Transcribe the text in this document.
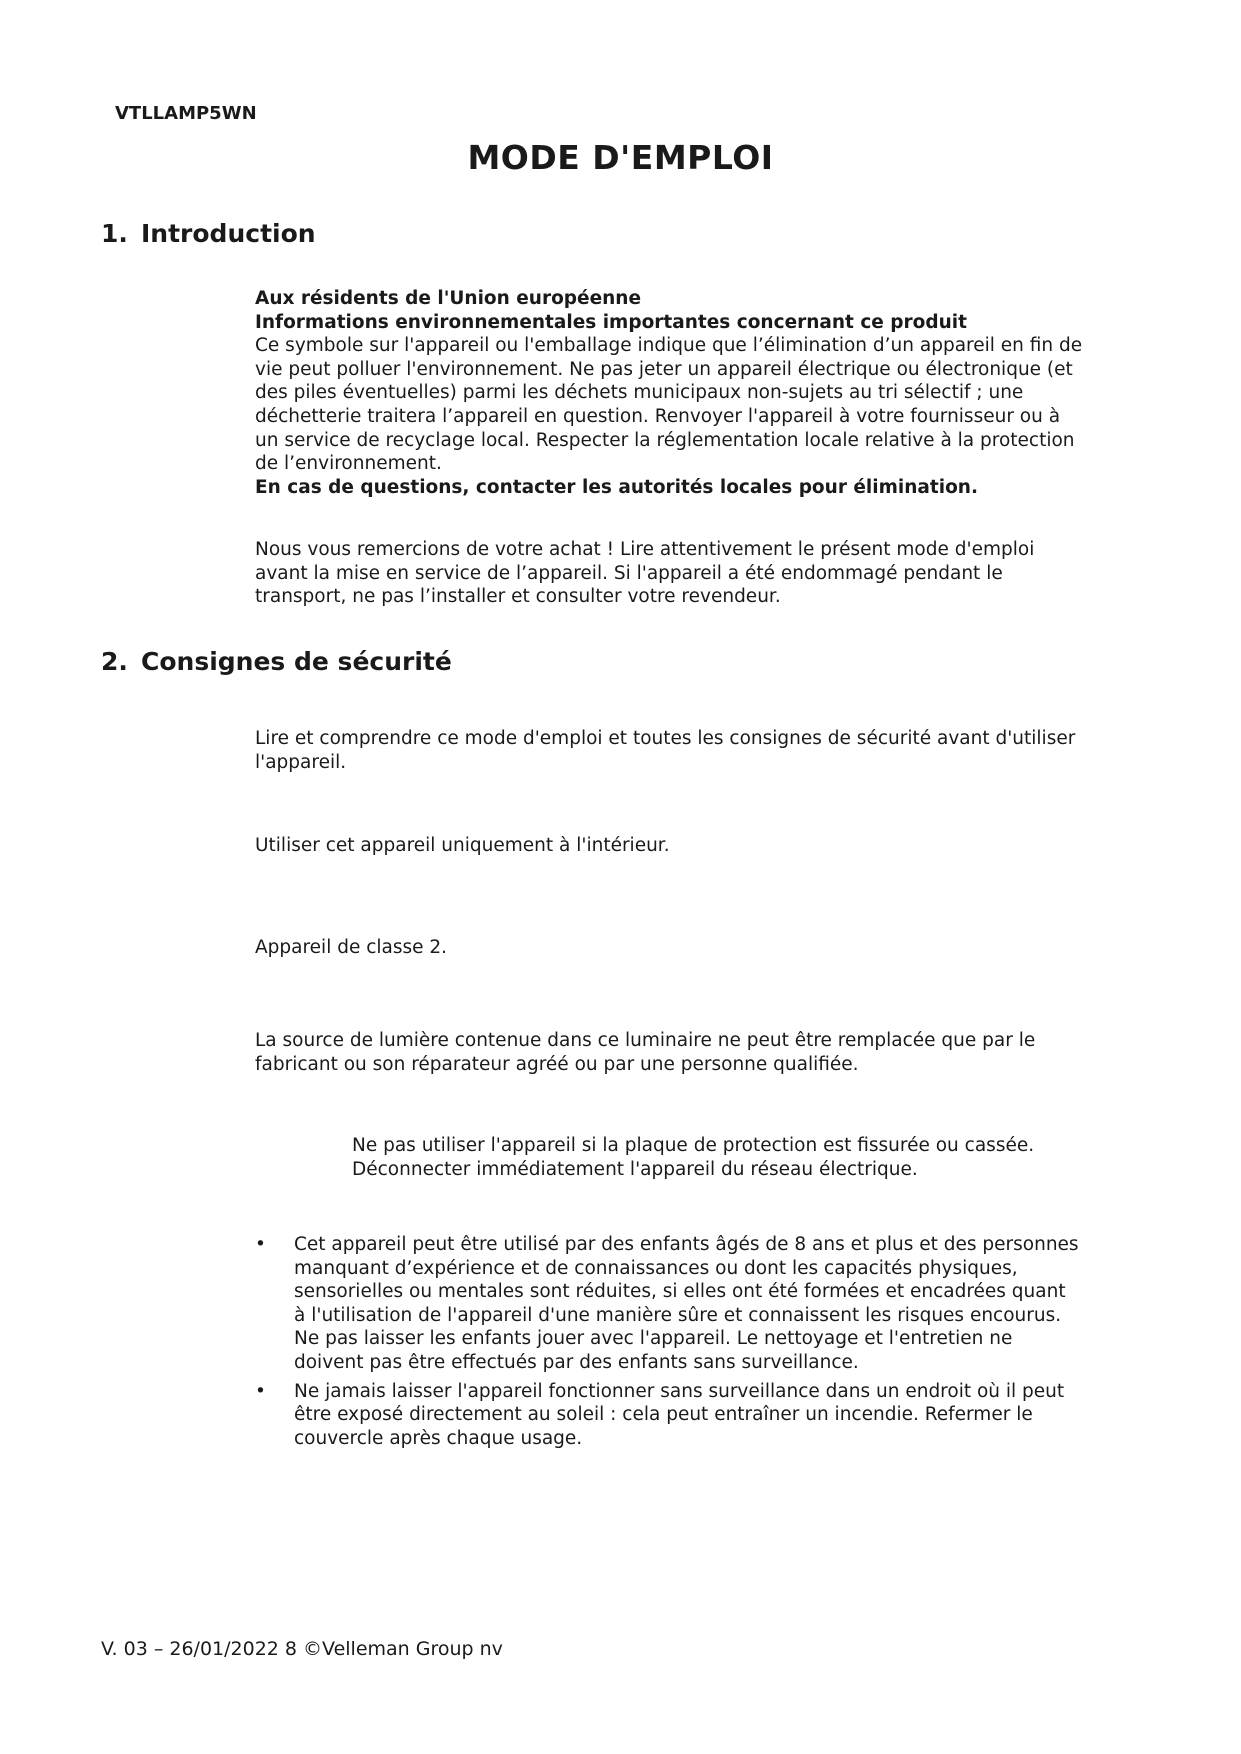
VTLLAMP5WN
MODE D'EMPLOI
1. Introduction
Aux résidents de l'Union européenne
Informations environnementales importantes concernant ce produit
Ce symbole sur l'appareil ou l'emballage indique que l’élimination d’un appareil en fin de
vie peut polluer l'environnement. Ne pas jeter un appareil électrique ou électronique (et
des piles éventuelles) parmi les déchets municipaux non-sujets au tri sélectif ; une
déchetterie traitera l’appareil en question. Renvoyer l'appareil à votre fournisseur ou à
un service de recyclage local. Respecter la réglementation locale relative à la protection
de l’environnement.
En cas de questions, contacter les autorités locales pour élimination.
Nous vous remercions de votre achat ! Lire attentivement le présent mode d'emploi
avant la mise en service de l’appareil. Si l'appareil a été endommagé pendant le
transport, ne pas l’installer et consulter votre revendeur.
2. Consignes de sécurité
Lire et comprendre ce mode d'emploi et toutes les consignes de sécurité avant d'utiliser
l'appareil.
Utiliser cet appareil uniquement à l'intérieur.
Appareil de classe 2.
La source de lumière contenue dans ce luminaire ne peut être remplacée que par le
fabricant ou son réparateur agréé ou par une personne qualifiée.
Ne pas utiliser l'appareil si la plaque de protection est fissurée ou cassée.
Déconnecter immédiatement l'appareil du réseau électrique.
•	Cet appareil peut être utilisé par des enfants âgés de 8 ans et plus et des personnes
manquant d’expérience et de connaissances ou dont les capacités physiques,
sensorielles ou mentales sont réduites, si elles ont été formées et encadrées quant
à l'utilisation de l'appareil d'une manière sûre et connaissent les risques encourus.
Ne pas laisser les enfants jouer avec l'appareil. Le nettoyage et l'entretien ne
doivent pas être effectués par des enfants sans surveillance.
•	Ne jamais laisser l'appareil fonctionner sans surveillance dans un endroit où il peut
être exposé directement au soleil : cela peut entraîner un incendie. Refermer le
couvercle après chaque usage.
V. 03 – 26/01/2022 8 ©Velleman Group nv
